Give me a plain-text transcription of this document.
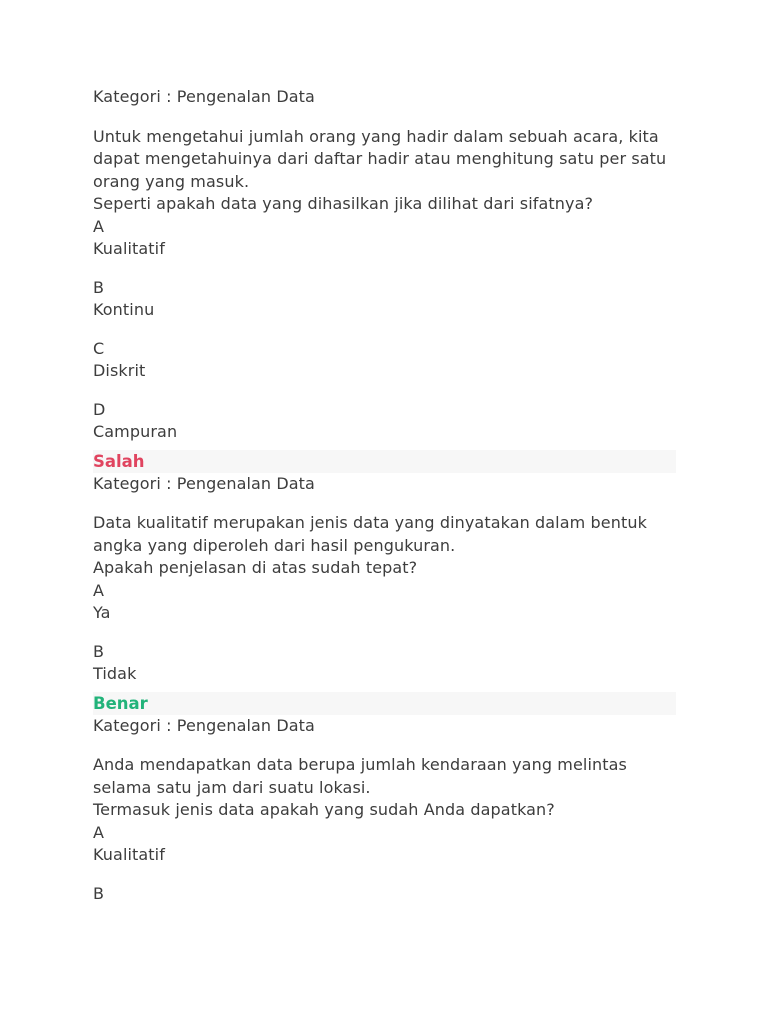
Kategori : Pengenalan Data
Untuk mengetahui jumlah orang yang hadir dalam sebuah acara, kita
dapat mengetahuinya dari daftar hadir atau menghitung satu per satu
orang yang masuk.
Seperti apakah data yang dihasilkan jika dilihat dari sifatnya?
A
Kualitatif
B
Kontinu
C
Diskrit
D
Campuran
Salah
Kategori : Pengenalan Data
Data kualitatif merupakan jenis data yang dinyatakan dalam bentuk
angka yang diperoleh dari hasil pengukuran.
Apakah penjelasan di atas sudah tepat?
A
Ya
B
Tidak
Benar
Kategori : Pengenalan Data
Anda mendapatkan data berupa jumlah kendaraan yang melintas
selama satu jam dari suatu lokasi.
Termasuk jenis data apakah yang sudah Anda dapatkan?
A
Kualitatif
B
